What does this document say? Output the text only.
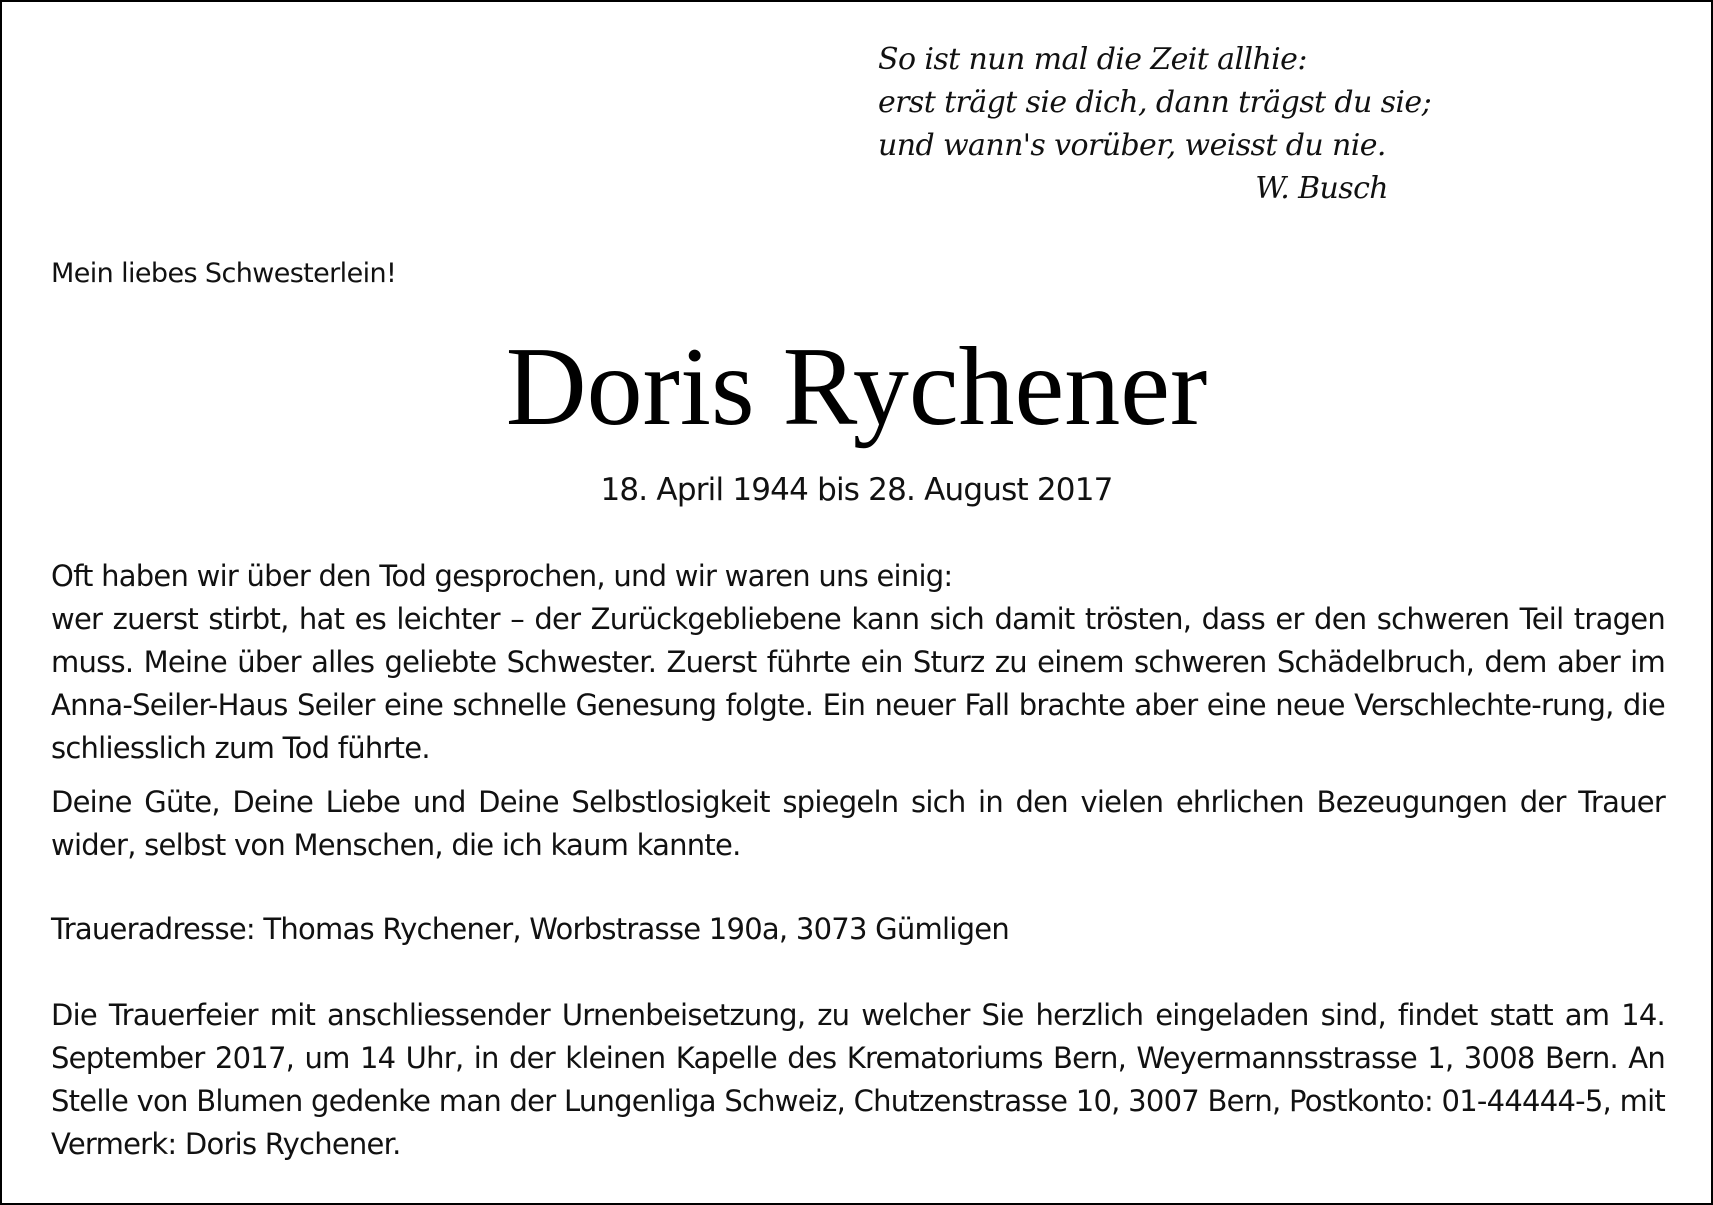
So ist nun mal die Zeit allhie:
erst trägt sie dich, dann trägst du sie;
und wann's vorüber, weisst du nie.
W. Busch
Mein liebes Schwesterlein!
Doris Rychener
18. April 1944 bis 28. August 2017
Oft haben wir über den Tod gesprochen, und wir waren uns einig:
wer zuerst stirbt, hat es leichter – der Zurückgebliebene kann sich damit trösten, dass er den schweren Teil tragen muss. Meine über alles geliebte Schwester. Zuerst führte ein Sturz zu einem schweren Schädelbruch, dem aber im Anna-Seiler-Haus Seiler eine schnelle Genesung folgte. Ein neuer Fall brachte aber eine neue Verschlechte-rung, die schliesslich zum Tod führte.
Deine Güte, Deine Liebe und Deine Selbstlosigkeit spiegeln sich in den vielen ehrlichen Bezeugungen der Trauer wider, selbst von Menschen, die ich kaum kannte.
Traueradresse: Thomas Rychener, Worbstrasse 190a, 3073 Gümligen
Die Trauerfeier mit anschliessender Urnenbeisetzung, zu welcher Sie herzlich eingeladen sind, findet statt am 14. September 2017, um 14 Uhr, in der kleinen Kapelle des Krematoriums Bern, Weyermannsstrasse 1, 3008 Bern. An Stelle von Blumen gedenke man der Lungenliga Schweiz, Chutzenstrasse 10, 3007 Bern, Postkonto: 01-44444-5, mit Vermerk: Doris Rychener.
